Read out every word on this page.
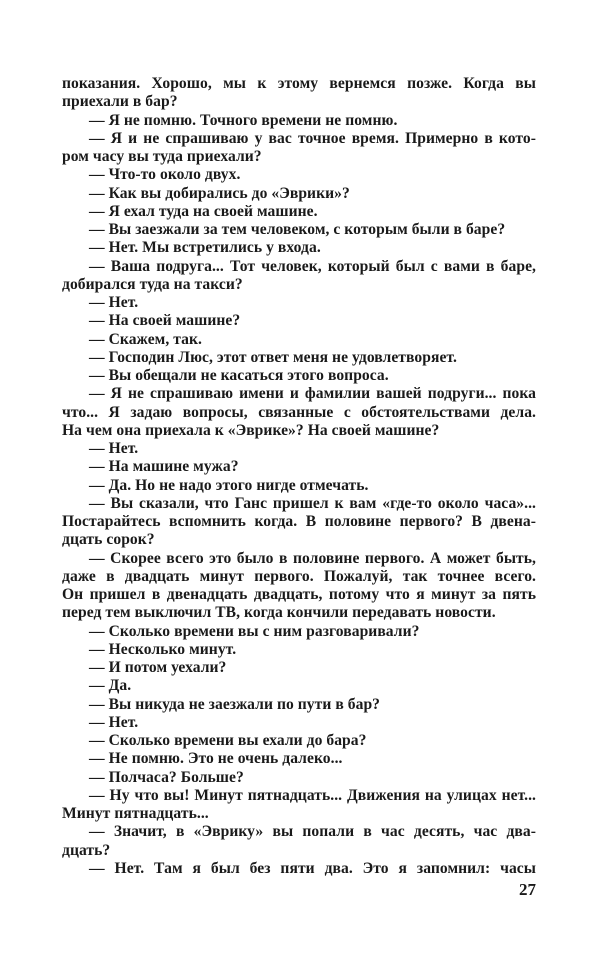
показания. Хорошо, мы к этому вернемся позже. Когда вы
приехали в бар?
— Я не помню. Точного времени не помню.
— Я и не спрашиваю у вас точное время. Примерно в кото-
ром часу вы туда приехали?
— Что-то около двух.
— Как вы добирались до «Эврики»?
— Я ехал туда на своей машине.
— Вы заезжали за тем человеком, с которым были в баре?
— Нет. Мы встретились у входа.
— Ваша подруга... Тот человек, который был с вами в баре,
добирался туда на такси?
— Нет.
— На своей машине?
— Скажем, так.
— Господин Люс, этот ответ меня не удовлетворяет.
— Вы обещали не касаться этого вопроса.
— Я не спрашиваю имени и фамилии вашей подруги... пока
что... Я задаю вопросы, связанные с обстоятельствами дела.
На чем она приехала к «Эврике»? На своей машине?
— Нет.
— На машине мужа?
— Да. Но не надо этого нигде отмечать.
— Вы сказали, что Ганс пришел к вам «где-то около часа»...
Постарайтесь вспомнить когда. В половине первого? В двена-
дцать сорок?
— Скорее всего это было в половине первого. А может быть,
даже в двадцать минут первого. Пожалуй, так точнее всего.
Он пришел в двенадцать двадцать, потому что я минут за пять
перед тем выключил ТВ, когда кончили передавать новости.
— Сколько времени вы с ним разговаривали?
— Несколько минут.
— И потом уехали?
— Да.
— Вы никуда не заезжали по пути в бар?
— Нет.
— Сколько времени вы ехали до бара?
— Не помню. Это не очень далеко...
— Полчаса? Больше?
— Ну что вы! Минут пятнадцать... Движения на улицах нет...
Минут пятнадцать...
— Значит, в «Эврику» вы попали в час десять, час два-
дцать?
— Нет. Там я был без пяти два. Это я запомнил: часы
27
